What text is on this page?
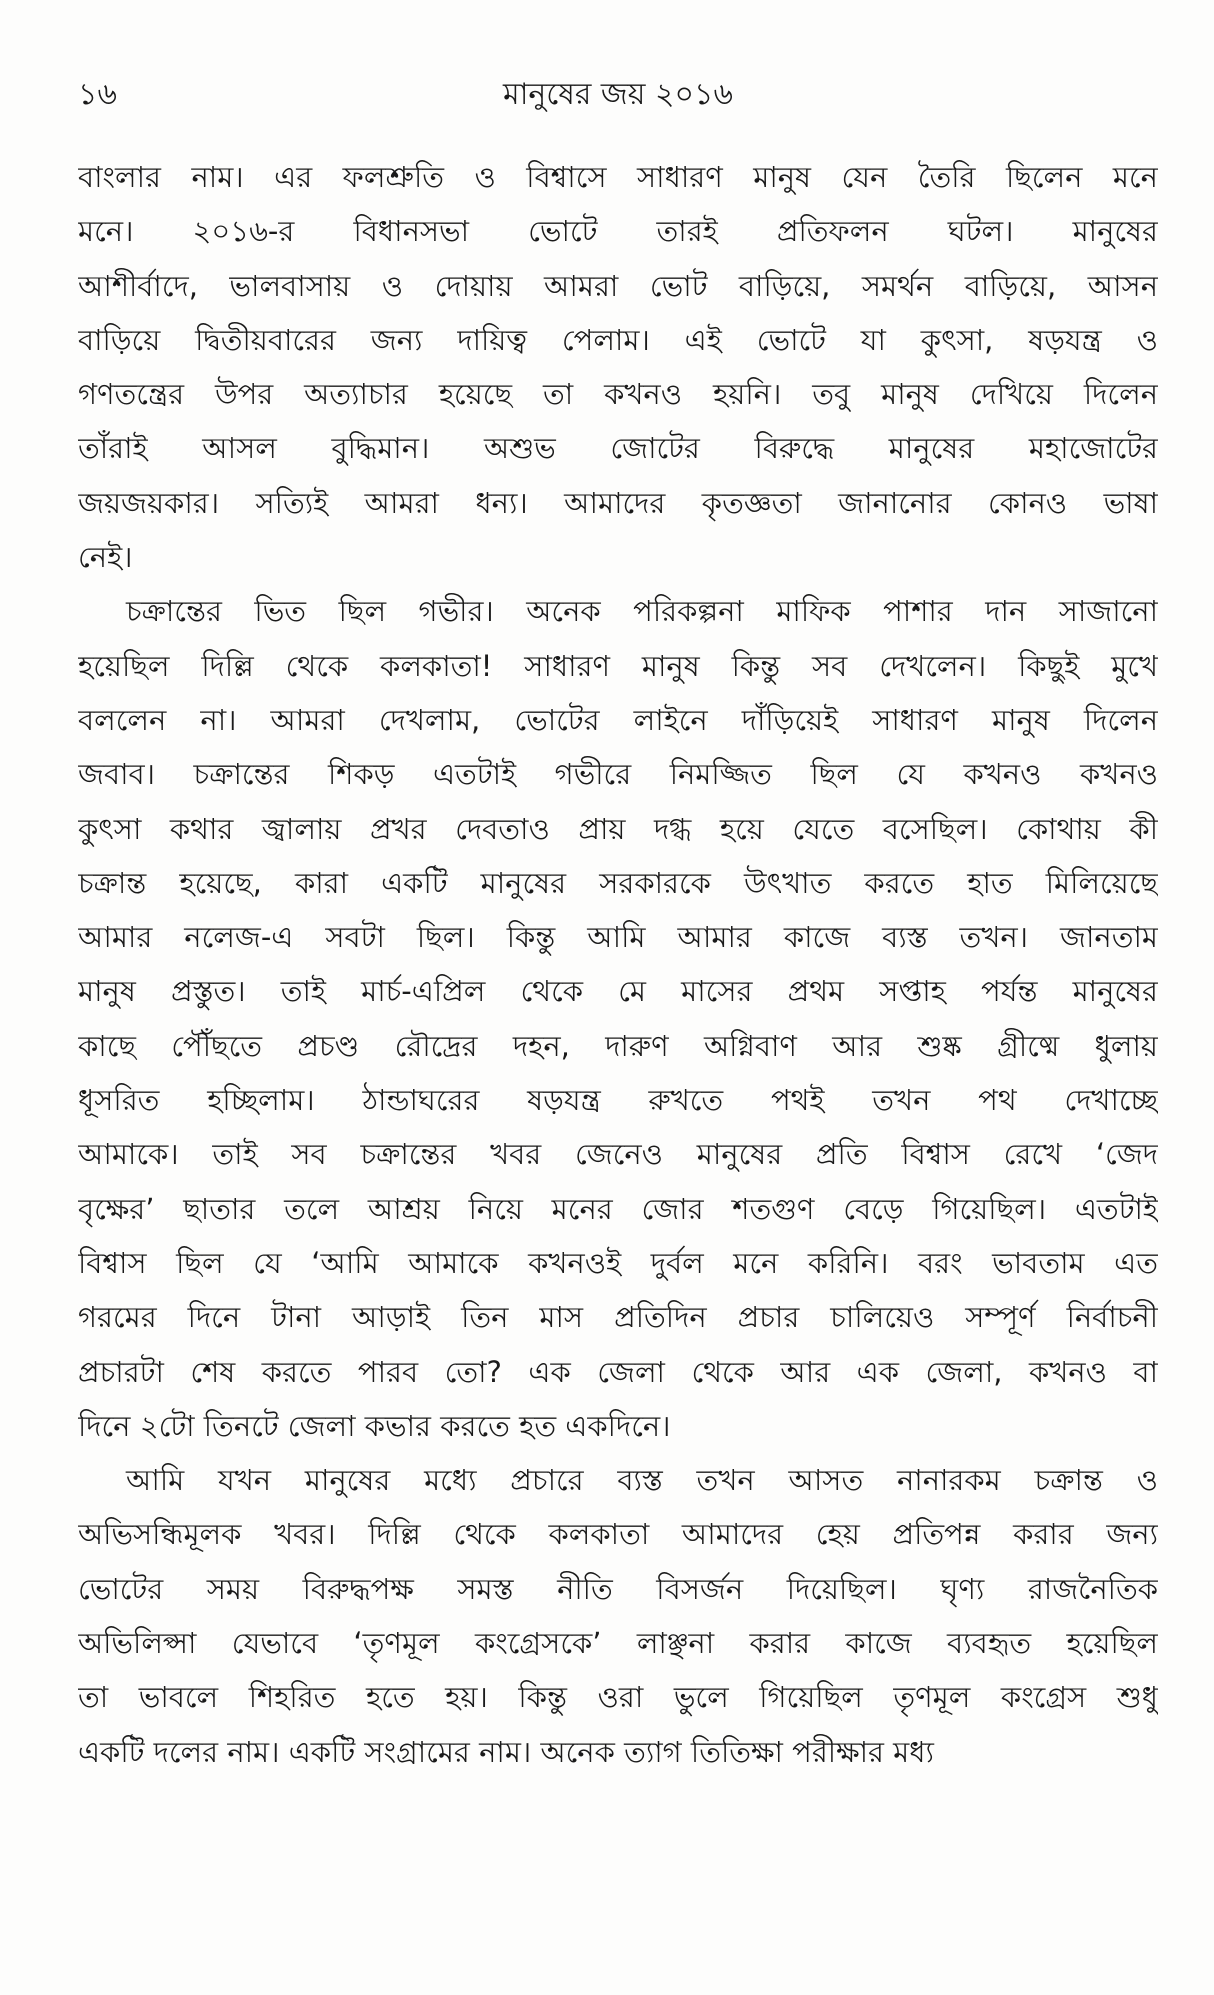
১৬	মানুষের জয় ২০১৬
বাংলার নাম। এর ফলশ্রুতি ও বিশ্বাসে সাধারণ মানুষ যেন তৈরি ছিলেন মনে
মনে। ২০১৬-র বিধানসভা ভোটে তারই প্রতিফলন ঘটল। মানুষের
আশীর্বাদে, ভালবাসায় ও দোয়ায় আমরা ভোট বাড়িয়ে, সমর্থন বাড়িয়ে, আসন
বাড়িয়ে দ্বিতীয়বারের জন্য দায়িত্ব পেলাম। এই ভোটে যা কুৎসা, ষড়যন্ত্র ও
গণতন্ত্রের উপর অত্যাচার হয়েছে তা কখনও হয়নি। তবু মানুষ দেখিয়ে দিলেন
তাঁরাই আসল বুদ্ধিমান। অশুভ জোটের বিরুদ্ধে মানুষের মহাজোটের
জয়জয়কার। সত্যিই আমরা ধন্য। আমাদের কৃতজ্ঞতা জানানোর কোনও ভাষা
নেই।
চক্রান্তের ভিত ছিল গভীর। অনেক পরিকল্পনা মাফিক পাশার দান সাজানো
হয়েছিল দিল্লি থেকে কলকাতা! সাধারণ মানুষ কিন্তু সব দেখলেন। কিছুই মুখে
বললেন না। আমরা দেখলাম, ভোটের লাইনে দাঁড়িয়েই সাধারণ মানুষ দিলেন
জবাব। চক্রান্তের শিকড় এতটাই গভীরে নিমজ্জিত ছিল যে কখনও কখনও
কুৎসা কথার জ্বালায় প্রখর দেবতাও প্রায় দগ্ধ হয়ে যেতে বসেছিল। কোথায় কী
চক্রান্ত হয়েছে, কারা একটি মানুষের সরকারকে উৎখাত করতে হাত মিলিয়েছে
আমার নলেজ-এ সবটা ছিল। কিন্তু আমি আমার কাজে ব্যস্ত তখন। জানতাম
মানুষ প্রস্তুত। তাই মার্চ-এপ্রিল থেকে মে মাসের প্রথম সপ্তাহ পর্যন্ত মানুষের
কাছে পৌঁছতে প্রচণ্ড রৌদ্রের দহন, দারুণ অগ্নিবাণ আর শুষ্ক গ্রীষ্মে ধুলায়
ধূসরিত হচ্ছিলাম। ঠান্ডাঘরের ষড়যন্ত্র রুখতে পথই তখন পথ দেখাচ্ছে
আমাকে। তাই সব চক্রান্তের খবর জেনেও মানুষের প্রতি বিশ্বাস রেখে ‘জেদ
বৃক্ষের’ ছাতার তলে আশ্রয় নিয়ে মনের জোর শতগুণ বেড়ে গিয়েছিল। এতটাই
বিশ্বাস ছিল যে ‘আমি আমাকে কখনওই দুর্বল মনে করিনি। বরং ভাবতাম এত
গরমের দিনে টানা আড়াই তিন মাস প্রতিদিন প্রচার চালিয়েও সম্পূর্ণ নির্বাচনী
প্রচারটা শেষ করতে পারব তো? এক জেলা থেকে আর এক জেলা, কখনও বা
দিনে ২টো তিনটে জেলা কভার করতে হত একদিনে।
আমি যখন মানুষের মধ্যে প্রচারে ব্যস্ত তখন আসত নানারকম চক্রান্ত ও
অভিসন্ধিমূলক খবর। দিল্লি থেকে কলকাতা আমাদের হেয় প্রতিপন্ন করার জন্য
ভোটের সময় বিরুদ্ধপক্ষ সমস্ত নীতি বিসর্জন দিয়েছিল। ঘৃণ্য রাজনৈতিক
অভিলিপ্সা যেভাবে ‘তৃণমূল কংগ্রেসকে’ লাঞ্ছনা করার কাজে ব্যবহৃত হয়েছিল
তা ভাবলে শিহরিত হতে হয়। কিন্তু ওরা ভুলে গিয়েছিল তৃণমূল কংগ্রেস শুধু
একটি দলের নাম। একটি সংগ্রামের নাম। অনেক ত্যাগ তিতিক্ষা পরীক্ষার মধ্য
